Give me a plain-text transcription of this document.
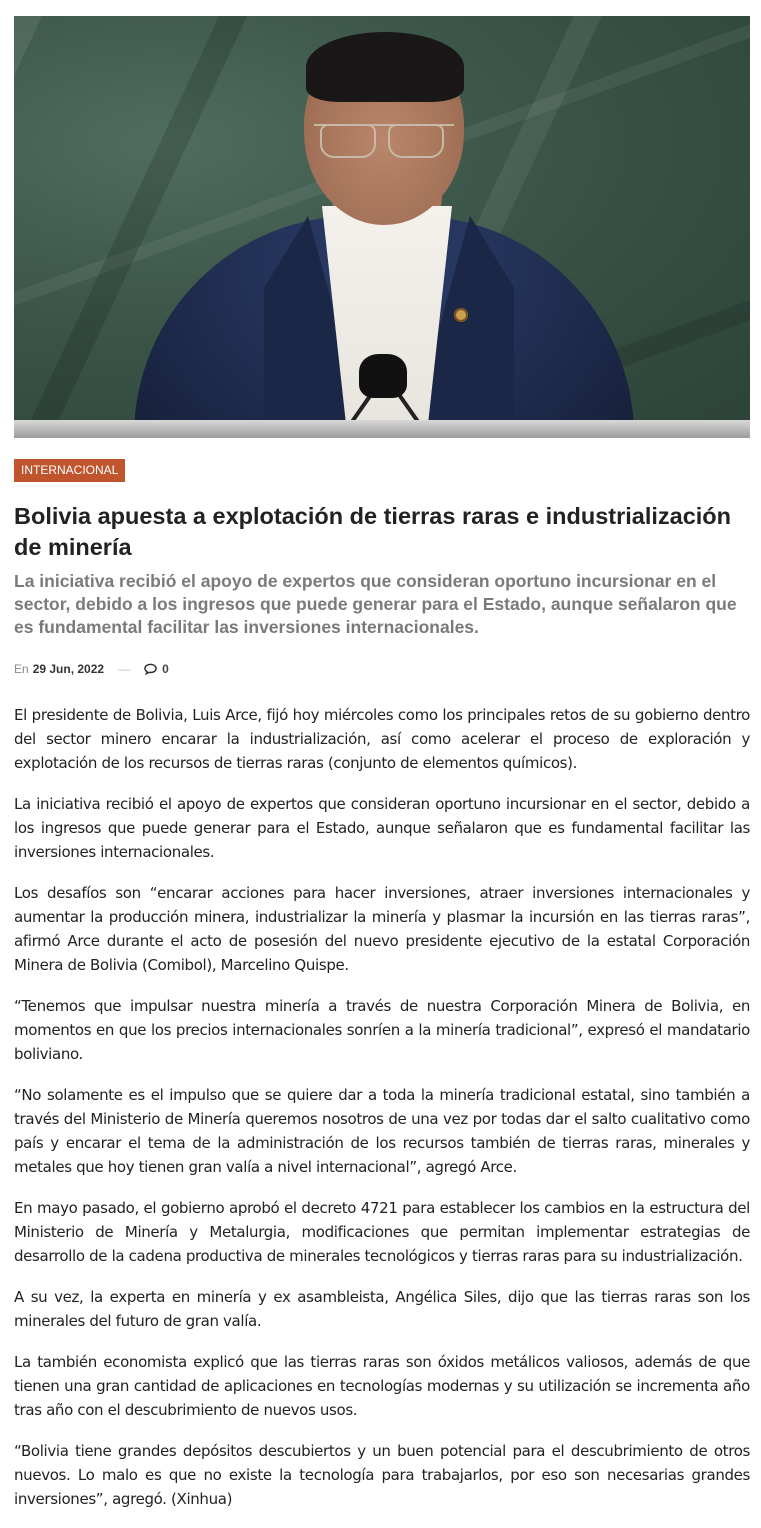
INTERNACIONAL
Bolivia apuesta a explotación de tierras raras e industrialización de minería
La iniciativa recibió el apoyo de expertos que consideran oportuno incursionar en el sector, debido a los ingresos que puede generar para el Estado, aunque señalaron que es fundamental facilitar las inversiones internacionales.
En 29 Jun, 2022 —	0

El presidente de Bolivia, Luis Arce, fijó hoy miércoles como los principales retos de su gobierno dentro del sector minero encarar la industrialización, así como acelerar el proceso de exploración y explotación de los recursos de tierras raras (conjunto de elementos químicos).

La iniciativa recibió el apoyo de expertos que consideran oportuno incursionar en el sector, debido a los ingresos que puede generar para el Estado, aunque señalaron que es fundamental facilitar las inversiones internacionales.

Los desafíos son “encarar acciones para hacer inversiones, atraer inversiones internacionales y aumentar la producción minera, industrializar la minería y plasmar la incursión en las tierras raras”, afirmó Arce durante el acto de posesión del nuevo presidente ejecutivo de la estatal Corporación Minera de Bolivia (Comibol), Marcelino Quispe.

“Tenemos que impulsar nuestra minería a través de nuestra Corporación Minera de Bolivia, en momentos en que los precios internacionales sonríen a la minería tradicional”, expresó el mandatario boliviano.

“No solamente es el impulso que se quiere dar a toda la minería tradicional estatal, sino también a través del Ministerio de Minería queremos nosotros de una vez por todas dar el salto cualitativo como país y encarar el tema de la administración de los recursos también de tierras raras, minerales y metales que hoy tienen gran valía a nivel internacional”, agregó Arce.

En mayo pasado, el gobierno aprobó el decreto 4721 para establecer los cambios en la estructura del Ministerio de Minería y Metalurgia, modificaciones que permitan implementar estrategias de desarrollo de la cadena productiva de minerales tecnológicos y tierras raras para su industrialización.

A su vez, la experta en minería y ex asambleista, Angélica Siles, dijo que las tierras raras son los minerales del futuro de gran valía.

La también economista explicó que las tierras raras son óxidos metálicos valiosos, además de que tienen una gran cantidad de aplicaciones en tecnologías modernas y su utilización se incrementa año tras año con el descubrimiento de nuevos usos.

“Bolivia tiene grandes depósitos descubiertos y un buen potencial para el descubrimiento de otros nuevos. Lo malo es que no existe la tecnología para trabajarlos, por eso son necesarias grandes inversiones”, agregó. (Xinhua)
